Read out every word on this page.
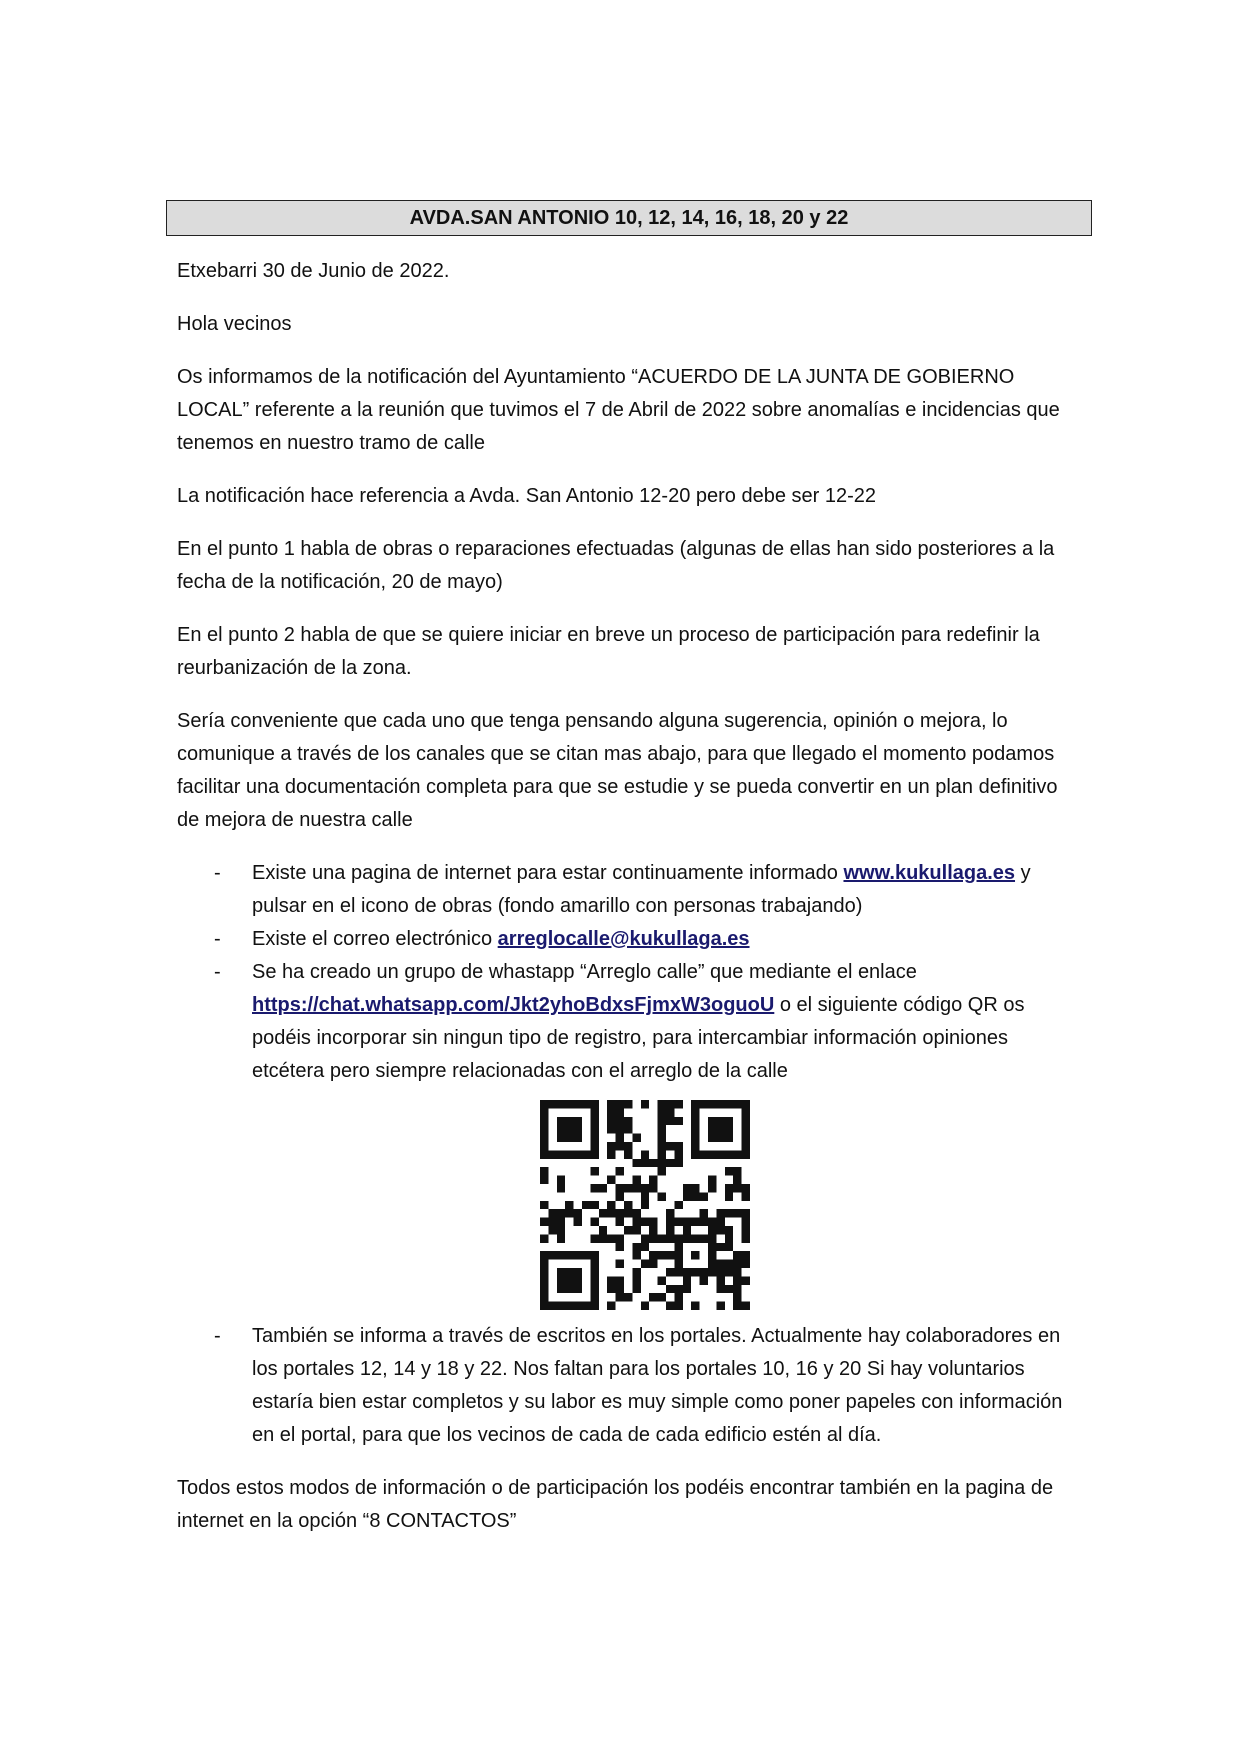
AVDA.SAN ANTONIO 10, 12, 14, 16, 18, 20 y 22

Etxebarri 30 de Junio de 2022.

Hola vecinos

Os informamos de la notificación del Ayuntamiento “ACUERDO DE LA JUNTA DE GOBIERNO LOCAL” referente a la reunión que tuvimos el 7 de Abril de 2022 sobre anomalías e incidencias que tenemos en nuestro tramo de calle

La notificación hace referencia a Avda. San Antonio 12-20 pero debe ser 12-22

En el punto 1 habla de obras o reparaciones efectuadas (algunas de ellas han sido posteriores a la fecha de la notificación, 20 de mayo)

En el punto 2 habla de que se quiere iniciar en breve un proceso de participación para redefinir la reurbanización de la zona.

Sería conveniente que cada uno que tenga pensando alguna sugerencia, opinión o mejora, lo comunique a través de los canales que se citan mas abajo, para que llegado el momento podamos facilitar una documentación completa para que se estudie y se pueda convertir en un plan definitivo de mejora de nuestra calle

- Existe una pagina de internet para estar continuamente informado www.kukullaga.es y pulsar en el icono de obras (fondo amarillo con personas trabajando)
- Existe el correo electrónico arreglocalle@kukullaga.es
- Se ha creado un grupo de whastapp “Arreglo calle” que mediante el enlace https://chat.whatsapp.com/Jkt2yhoBdxsFjmxW3oguoU o el siguiente código QR os podéis incorporar sin ningun tipo de registro, para intercambiar información opiniones etcétera pero siempre relacionadas con el arreglo de la calle
- También se informa a través de escritos en los portales. Actualmente hay colaboradores en los portales 12, 14 y 18 y 22. Nos faltan para los portales 10, 16 y 20 Si hay voluntarios estaría bien estar completos y su labor es muy simple como poner papeles con información en el portal, para que los vecinos de cada de cada edificio estén al día.

Todos estos modos de información o de participación los podéis encontrar también en la pagina de internet en la opción “8 CONTACTOS”
